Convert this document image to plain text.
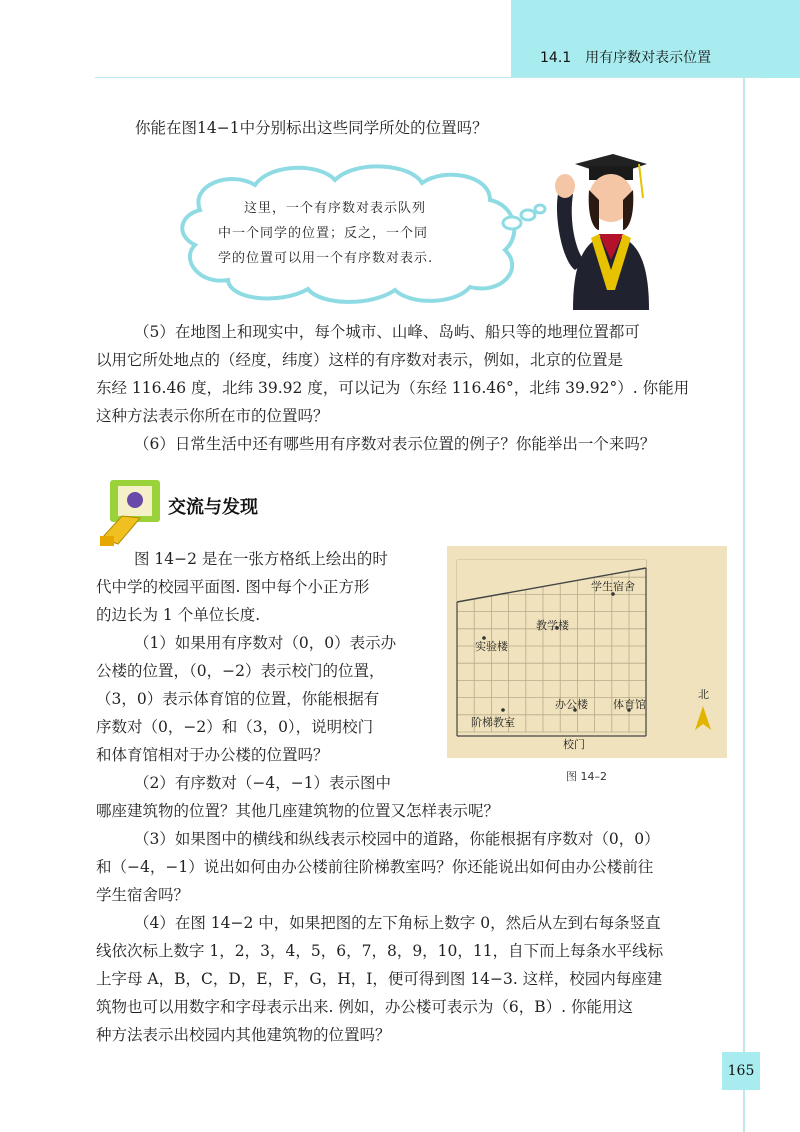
14.1 用有序数对表示位置
你能在图14−1中分别标出这些同学所处的位置吗？
这里，一个有序数对表示队列
中一个同学的位置；反之，一个同
学的位置可以用一个有序数对表示.
（5）在地图上和现实中，每个城市、山峰、岛屿、船只等的地理位置都可
以用它所处地点的（经度，纬度）这样的有序数对表示，例如，北京的位置是
东经 116.46 度，北纬 39.92 度，可以记为（东经 116.46°，北纬 39.92°）. 你能用
这种方法表示你所在市的位置吗？
（6）日常生活中还有哪些用有序数对表示位置的例子？你能举出一个来吗？
交流与发现
图 14−2 是在一张方格纸上绘出的时
代中学的校园平面图. 图中每个小正方形
的边长为 1 个单位长度.
（1）如果用有序数对（0，0）表示办
公楼的位置，（0，−2）表示校门的位置，
（3，0）表示体育馆的位置，你能根据有
序数对（0，−2）和（3，0），说明校门
和体育馆相对于办公楼的位置吗？
（2）有序数对（−4，−1）表示图中
学生宿舍
教学楼
实验楼
办公楼 体育馆
阶梯教室
校门
北
图 14–2
哪座建筑物的位置？其他几座建筑物的位置又怎样表示呢？
（3）如果图中的横线和纵线表示校园中的道路，你能根据有序数对（0，0）
和（−4，−1）说出如何由办公楼前往阶梯教室吗？你还能说出如何由办公楼前往
学生宿舍吗？
（4）在图 14−2 中，如果把图的左下角标上数字 0，然后从左到右每条竖直
线依次标上数字 1，2，3，4，5，6，7，8，9，10，11，自下而上每条水平线标
上字母 A，B，C，D，E，F，G，H，I，便可得到图 14−3. 这样，校园内每座建
筑物也可以用数字和字母表示出来. 例如，办公楼可表示为（6，B）. 你能用这
种方法表示出校园内其他建筑物的位置吗？
165
